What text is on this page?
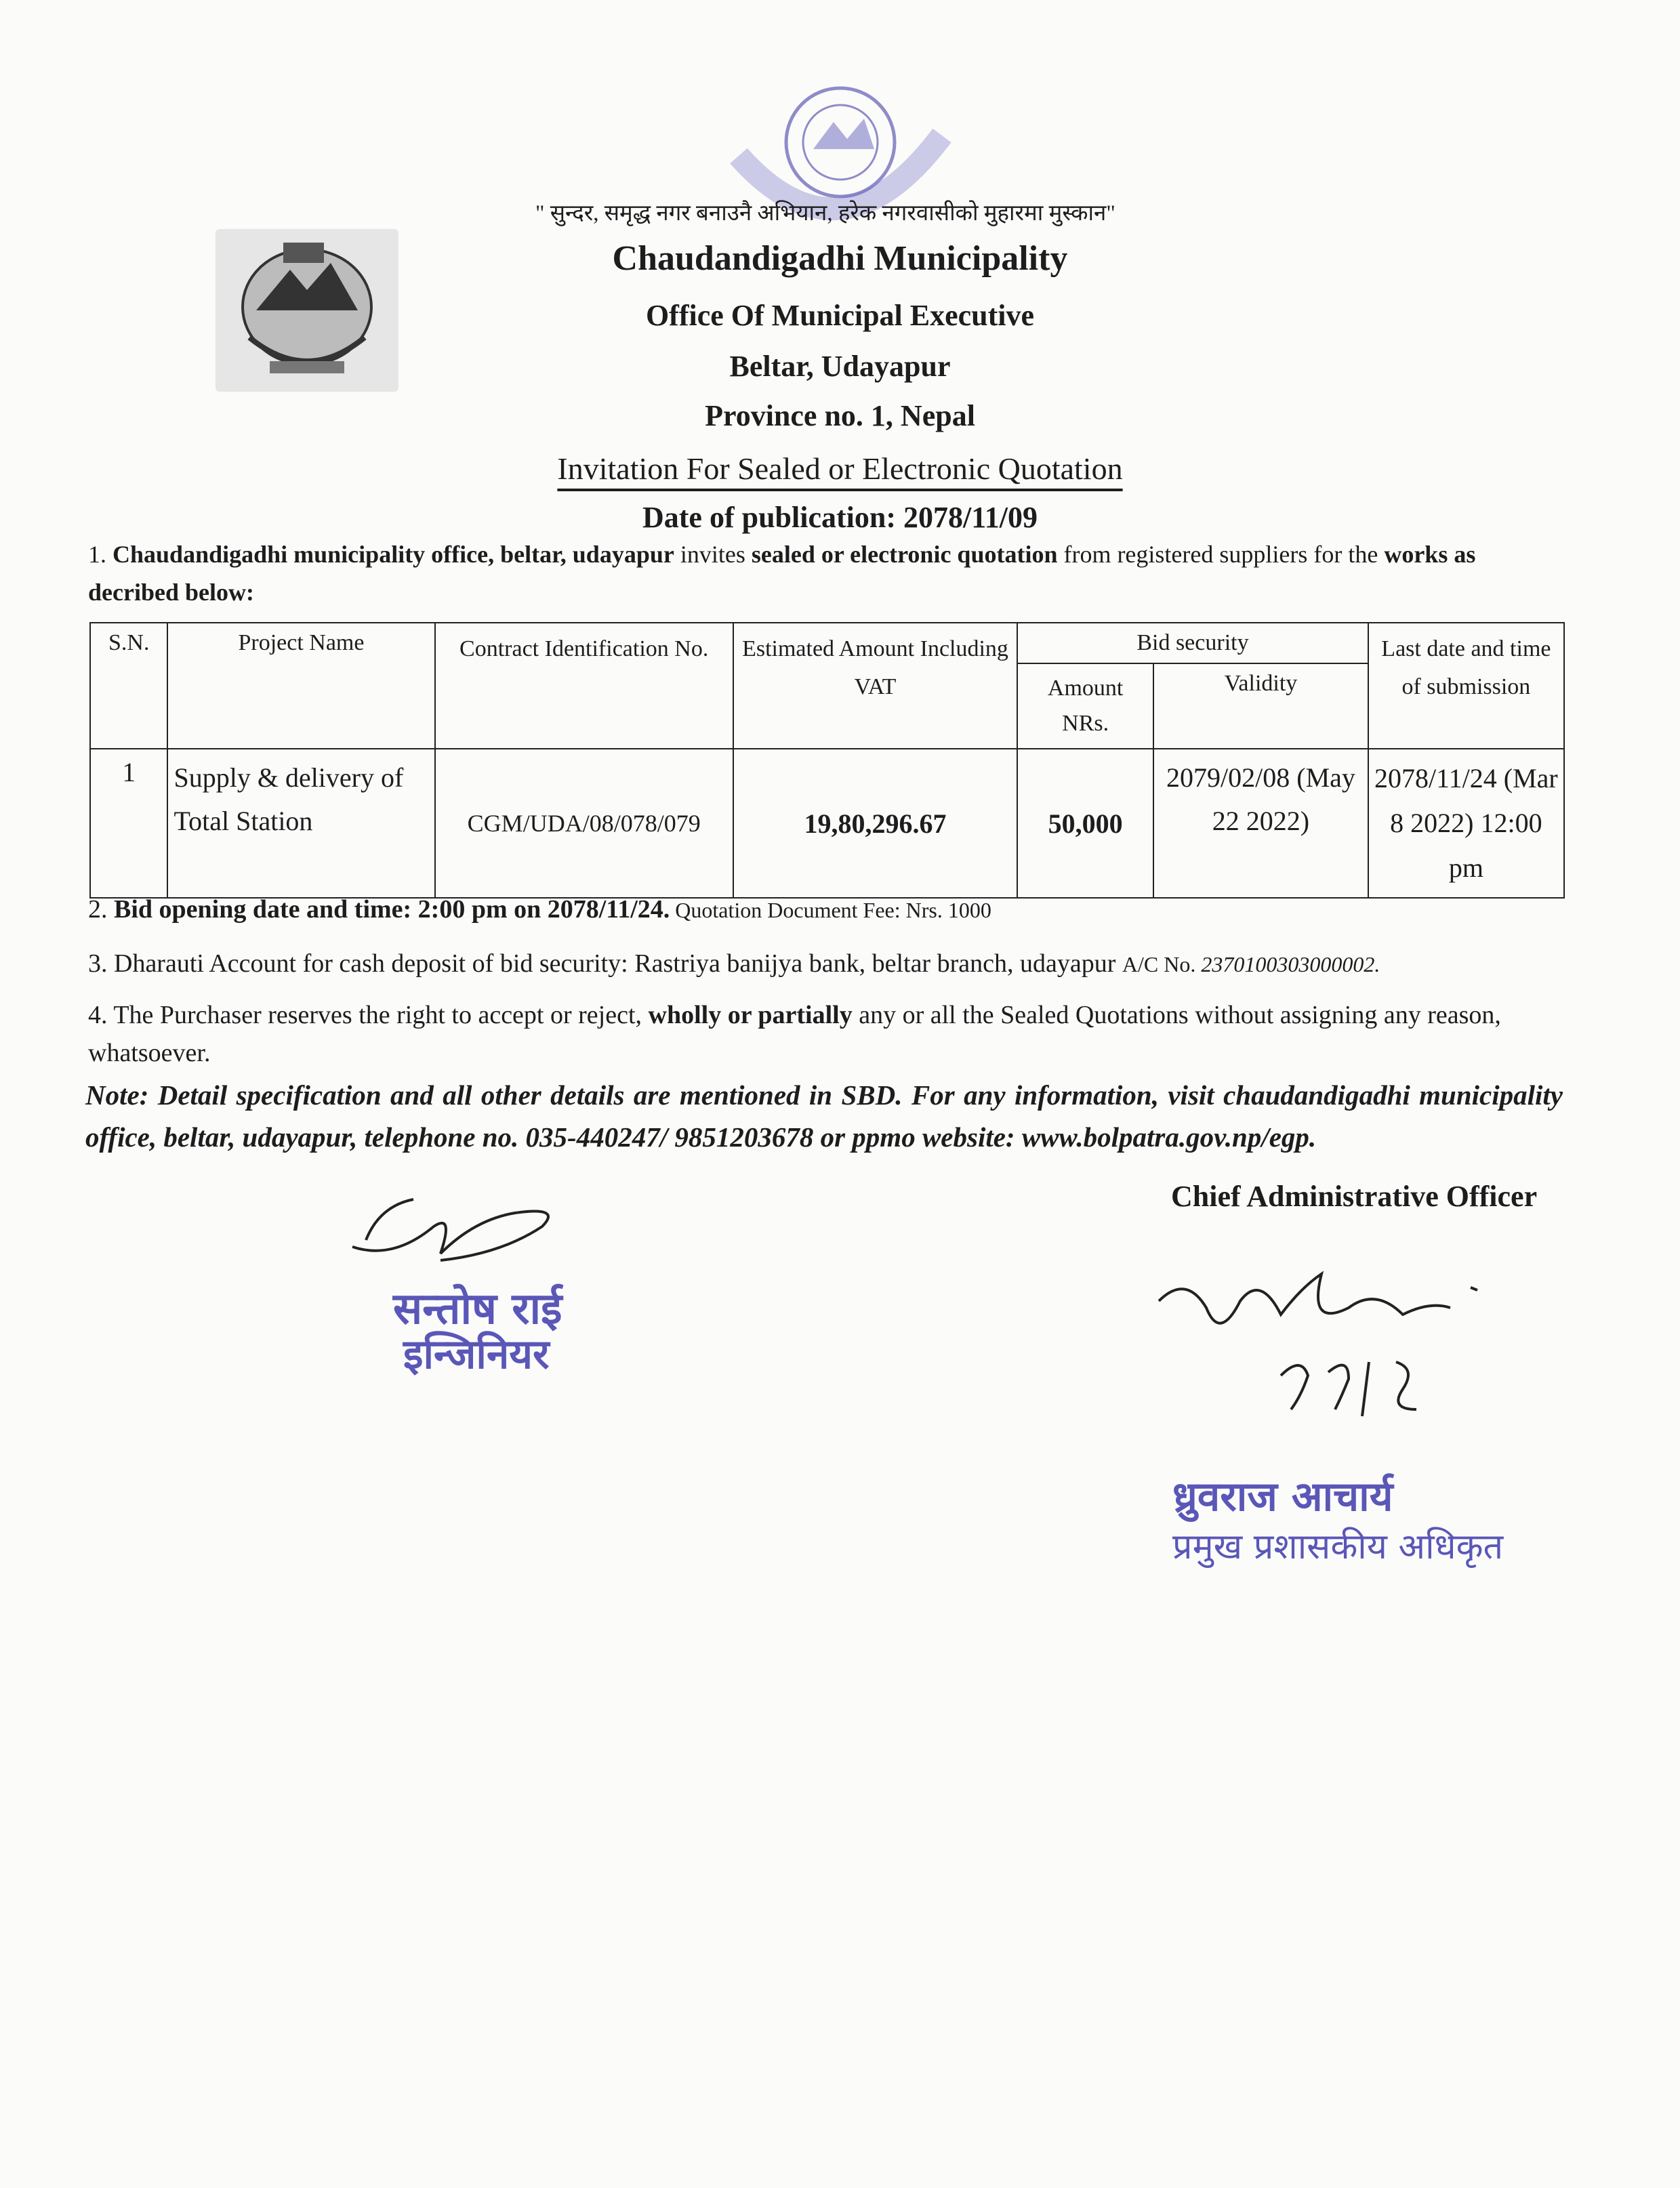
" सुन्दर, समृद्ध नगर बनाउनै अभियान, हरेक नगरवासीको मुहारमा मुस्कान"
Chaudandigadhi Municipality
Office Of Municipal Executive
Beltar, Udayapur
Province no. 1, Nepal
Invitation For Sealed or Electronic Quotation
Date of publication: 2078/11/09
1. Chaudandigadhi municipality office, beltar, udayapur invites sealed or electronic quotation from registered suppliers for the works as decribed below:
S.N.	Project Name	Contract Identification No.	Estimated Amount Including VAT	Bid security		Last date and time of submission
				Amount NRs.	Validity	
1	Supply & delivery of Total Station	CGM/UDA/08/078/079	19,80,296.67	50,000	2079/02/08 (May 22 2022)	2078/11/24 (Mar 8 2022) 12:00 pm
2. Bid opening date and time: 2:00 pm on 2078/11/24. Quotation Document Fee: Nrs. 1000
3. Dharauti Account for cash deposit of bid security: Rastriya banijya bank, beltar branch, udayapur A/C No. 2370100303000002.
4. The Purchaser reserves the right to accept or reject, wholly or partially any or all the Sealed Quotations without assigning any reason, whatsoever.
Note: Detail specification and all other details are mentioned in SBD. For any information, visit chaudandigadhi municipality office, beltar, udayapur, telephone no. 035-440247/ 9851203678 or ppmo website: www.bolpatra.gov.np/egp.
Chief Administrative Officer
सन्तोष राई
इन्जिनियर
ध्रुवराज आचार्य
प्रमुख प्रशासकीय अधिकृत
